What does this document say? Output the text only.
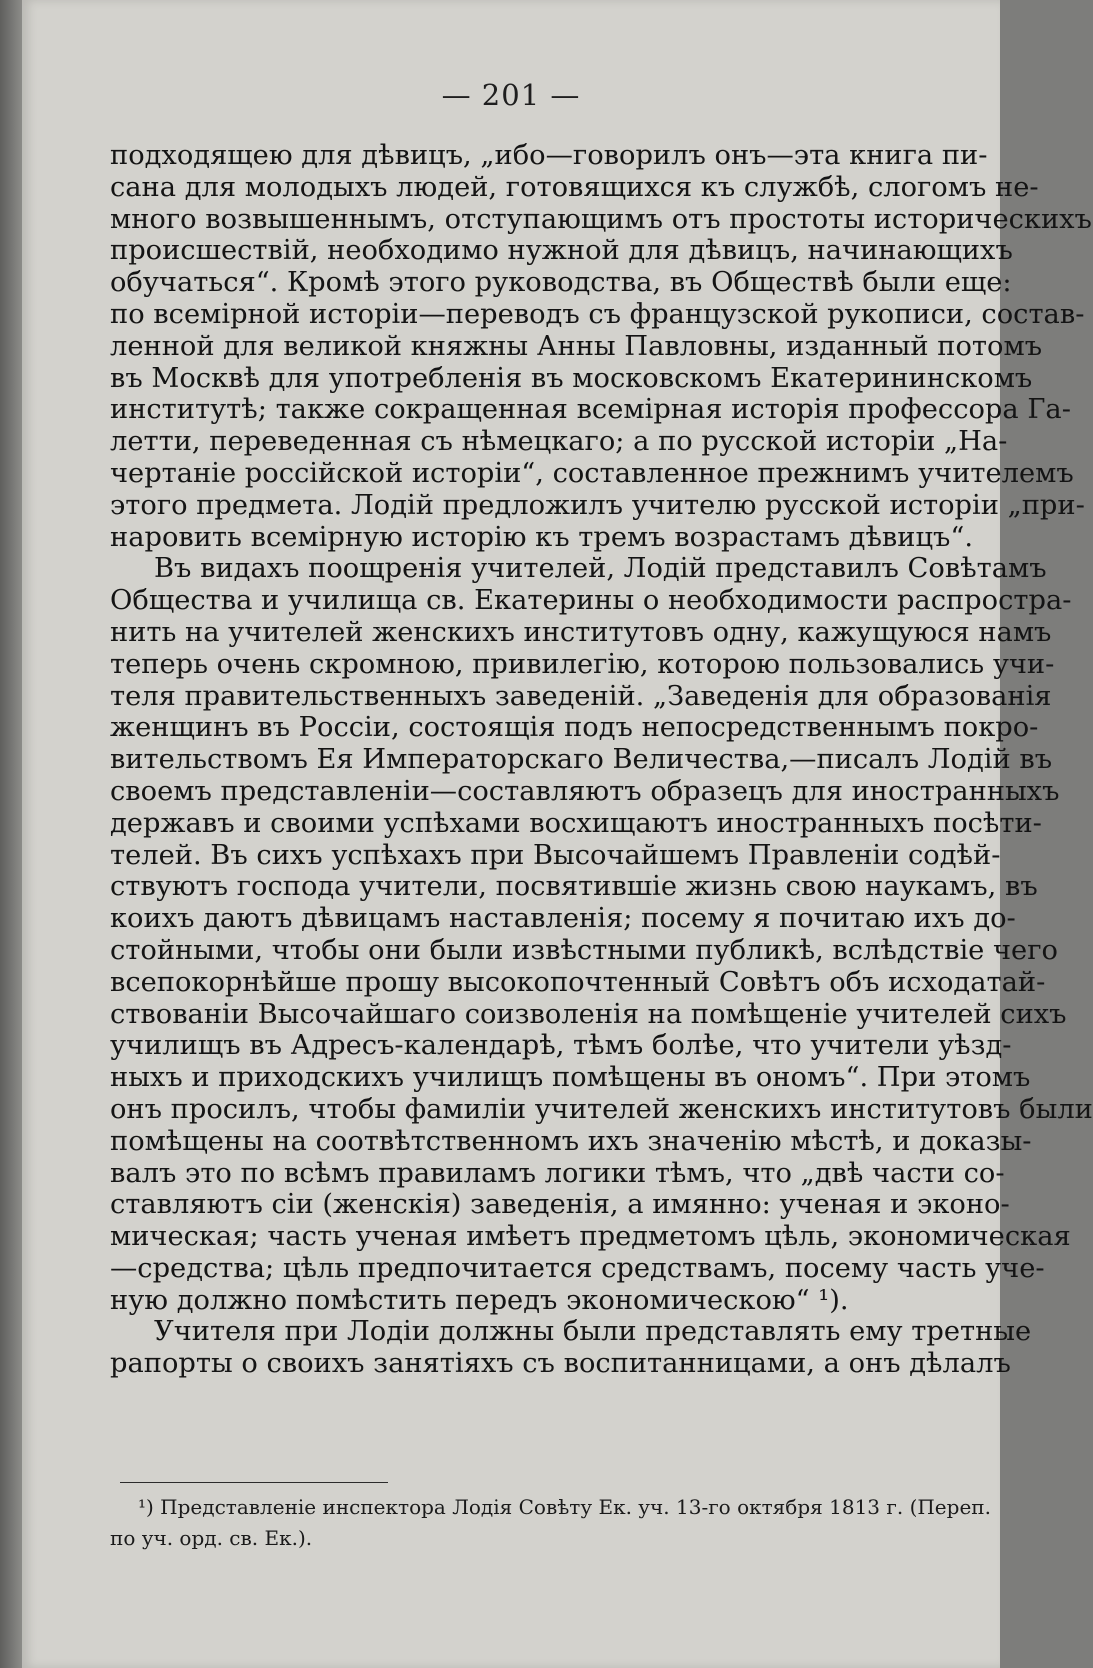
— 201 —
подходящею для дѣвицъ, „ибо—говорилъ онъ—эта книга пи-
сана для молодыхъ людей, готовящихся къ службѣ, слогомъ не-
много возвышеннымъ, отступающимъ отъ простоты историческихъ
происшествій, необходимо нужной для дѣвицъ, начинающихъ
обучаться“. Кромѣ этого руководства, въ Обществѣ были еще:
по всемірной исторіи—переводъ съ французской рукописи, состав-
ленной для великой княжны Анны Павловны, изданный потомъ
въ Москвѣ для употребленія въ московскомъ Екатерининскомъ
институтѣ; также сокращенная всемірная исторія профессора Га-
летти, переведенная съ нѣмецкаго; а по русской исторіи „На-
чертаніе россійской исторіи“, составленное прежнимъ учителемъ
этого предмета. Лодій предложилъ учителю русской исторіи „при-
наровить всемірную исторію къ тремъ возрастамъ дѣвицъ“.
Въ видахъ поощренія учителей, Лодій представилъ Совѣтамъ
Общества и училища св. Екатерины о необходимости распростра-
нить на учителей женскихъ институтовъ одну, кажущуюся намъ
теперь очень скромною, привилегію, которою пользовались учи-
теля правительственныхъ заведеній. „Заведенія для образованія
женщинъ въ Россіи, состоящія подъ непосредственнымъ покро-
вительствомъ Ея Императорскаго Величества,—писалъ Лодій въ
своемъ представленіи—составляютъ образецъ для иностранныхъ
державъ и своими успѣхами восхищаютъ иностранныхъ посѣти-
телей. Въ сихъ успѣхахъ при Высочайшемъ Правленіи содѣй-
ствуютъ господа учители, посвятившіе жизнь свою наукамъ, въ
коихъ даютъ дѣвицамъ наставленія; посему я почитаю ихъ до-
стойными, чтобы они были извѣстными публикѣ, вслѣдствіе чего
всепокорнѣйше прошу высокопочтенный Совѣтъ объ исходатай-
ствованіи Высочайшаго соизволенія на помѣщеніе учителей сихъ
училищъ въ Адресъ-календарѣ, тѣмъ болѣе, что учители уѣзд-
ныхъ и приходскихъ училищъ помѣщены въ ономъ“. При этомъ
онъ просилъ, чтобы фамиліи учителей женскихъ институтовъ были
помѣщены на соотвѣтственномъ ихъ значенію мѣстѣ, и доказы-
валъ это по всѣмъ правиламъ логики тѣмъ, что „двѣ части со-
ставляютъ сіи (женскія) заведенія, а имянно: ученая и эконо-
мическая; часть ученая имѣетъ предметомъ цѣль, экономическая
—средства; цѣль предпочитается средствамъ, посему часть уче-
ную должно помѣстить передъ экономическою“ ¹).
Учителя при Лодіи должны были представлять ему третные
рапорты о своихъ занятіяхъ съ воспитанницами, а онъ дѣлалъ
¹) Представленіе инспектора Лодія Совѣту Ек. уч. 13-го октября 1813 г. (Переп.
по уч. орд. св. Ек.).
